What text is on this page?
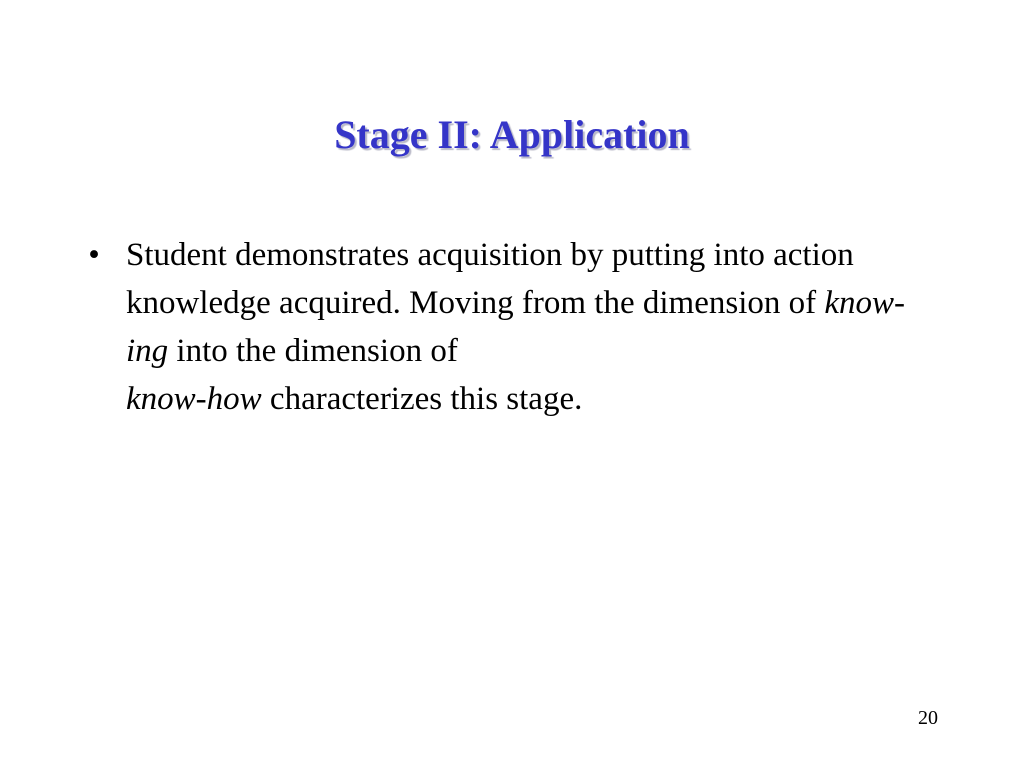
Stage II: Application
• Student demonstrates acquisition by putting into action knowledge acquired. Moving from the dimension of know-ing into the dimension of
know-how characterizes this stage.
20
